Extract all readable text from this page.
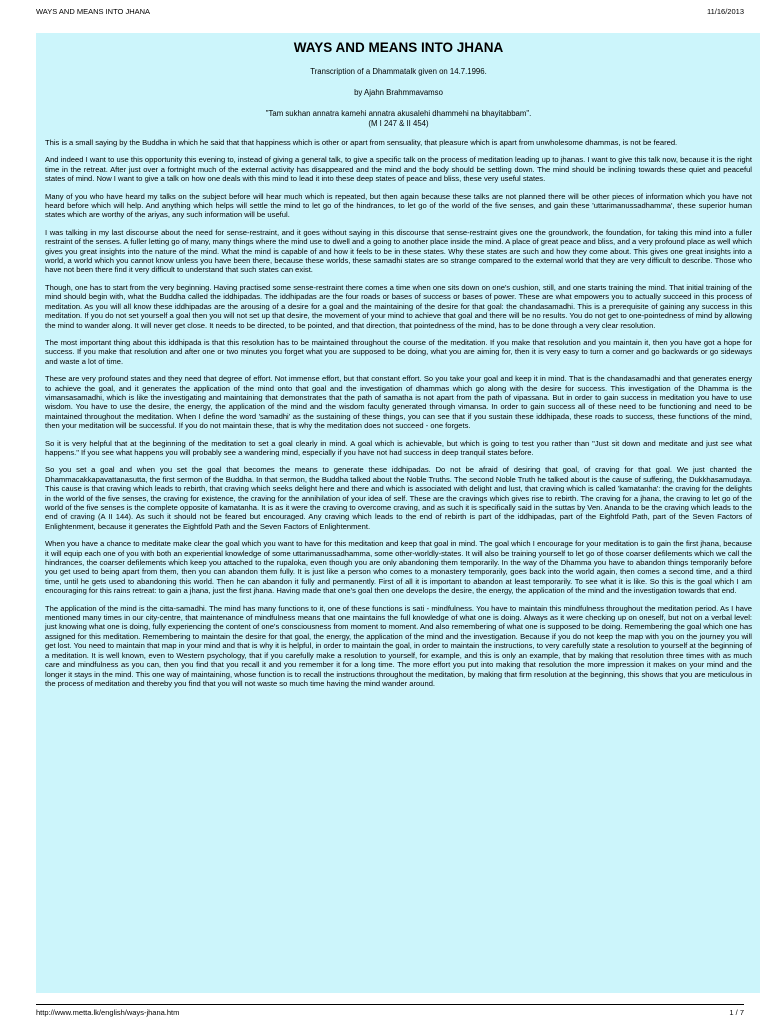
WAYS AND MEANS INTO JHANA	11/16/2013
WAYS AND MEANS INTO JHANA
Transcription of a Dhammatalk given on 14.7.1996.
by Ajahn Brahmmavamso
"Tam sukhan annatra kamehi annatra akusalehi dhammehi na bhayitabbam".
(M I 247 & II 454)

This is a small saying by the Buddha in which he said that that happiness which is other or apart from sensuality, that pleasure which is apart from unwholesome dhammas, is not be feared.

And indeed I want to use this opportunity this evening to, instead of giving a general talk, to give a specific talk on the process of meditation leading up to jhanas. I want to give this talk now, because it is the right time in the retreat. After just over a fortnight much of the external activity has disappeared and the mind and the body should be settling down. The mind should be inclining towards these quiet and peaceful states of mind. Now I want to give a talk on how one deals with this mind to lead it into these deep states of peace and bliss, these very useful states.

Many of you who have heard my talks on the subject before will hear much which is repeated, but then again because these talks are not planned there will be other pieces of information which you have not heard before which will help. And anything which helps will settle the mind to let go of the hindrances, to let go of the world of the five senses, and gain these 'uttarimanussadhamma', these superior human states which are worthy of the ariyas, any such information will be useful.

I was talking in my last discourse about the need for sense-restraint, and it goes without saying in this discourse that sense-restraint gives one the groundwork, the foundation, for taking this mind into a fuller restraint of the senses. A fuller letting go of many, many things where the mind use to dwell and a going to another place inside the mind. A place of great peace and bliss, and a very profound place as well which gives you great insights into the nature of the mind. What the mind is capable of and how it feels to be in these states. Why these states are such and how they come about. This gives one great insights into a world, a world which you cannot know unless you have been there, because these worlds, these samadhi states are so strange compared to the external world that they are very difficult to describe. Those who have not been there find it very difficult to understand that such states can exist.

Though, one has to start from the very beginning. Having practised some sense-restraint there comes a time when one sits down on one's cushion, still, and one starts training the mind. That initial training of the mind should begin with, what the Buddha called the iddhipadas. The iddhipadas are the four roads or bases of success or bases of power. These are what empowers you to actually succeed in this process of meditation. As you will all know these iddhipadas are the arousing of a desire for a goal and the maintaining of the desire for that goal: the chandasamadhi. This is a prerequisite of gaining any success in this meditation. If you do not set yourself a goal then you will not set up that desire, the movement of your mind to achieve that goal and there will be no results. You do not get to one-pointedness of mind by allowing the mind to wander along. It will never get close. It needs to be directed, to be pointed, and that direction, that pointedness of the mind, has to be done through a very clear resolution.

The most important thing about this iddhipada is that this resolution has to be maintained throughout the course of the meditation. If you make that resolution and you maintain it, then you have got a hope for success. If you make that resolution and after one or two minutes you forget what you are supposed to be doing, what you are aiming for, then it is very easy to turn a corner and go backwards or go sideways and waste a lot of time.

These are very profound states and they need that degree of effort. Not immense effort, but that constant effort. So you take your goal and keep it in mind. That is the chandasamadhi and that generates energy to achieve the goal, and it generates the application of the mind onto that goal and the investigation of dhammas which go along with the desire for success. This investigation of the Dhamma is the vimansasamadhi, which is like the investigating and maintaining that demonstrates that the path of samatha is not apart from the path of vipassana. But in order to gain success in meditation you have to use wisdom. You have to use the desire, the energy, the application of the mind and the wisdom faculty generated through vimansa. In order to gain success all of these need to be functioning and need to be maintained throughout the meditation. When I define the word 'samadhi' as the sustaining of these things, you can see that if you sustain these iddhipada, these roads to success, these functions of the mind, then your meditation will be successful. If you do not maintain these, that is why the meditation does not succeed - one forgets.

So it is very helpful that at the beginning of the meditation to set a goal clearly in mind. A goal which is achievable, but which is going to test you rather than "Just sit down and meditate and just see what happens." If you see what happens you will probably see a wandering mind, especially if you have not had success in deep tranquil states before.

So you set a goal and when you set the goal that becomes the means to generate these iddhipadas. Do not be afraid of desiring that goal, of craving for that goal. We just chanted the Dhammacakkapavattanasutta, the first sermon of the Buddha. In that sermon, the Buddha talked about the Noble Truths. The second Noble Truth he talked about is the cause of suffering, the Dukkhasamudaya. This cause is that craving which leads to rebirth, that craving which seeks delight here and there and which is associated with delight and lust, that craving which is called 'kamatanha': the craving for the delights in the world of the five senses, the craving for existence, the craving for the annihilation of your idea of self. These are the cravings which gives rise to rebirth. The craving for a jhana, the craving to let go of the world of the five senses is the complete opposite of kamatanha. It is as it were the craving to overcome craving, and as such it is specifically said in the suttas by Ven. Ananda to be the craving which leads to the end of craving (A II 144). As such it should not be feared but encouraged. Any craving which leads to the end of rebirth is part of the iddhipadas, part of the Eightfold Path, part of the Seven Factors of Enlightenment, because it generates the Eightfold Path and the Seven Factors of Enlightenment.

When you have a chance to meditate make clear the goal which you want to have for this meditation and keep that goal in mind. The goal which I encourage for your meditation is to gain the first jhana, because it will equip each one of you with both an experiential knowledge of some uttarimanussadhamma, some other-worldly-states. It will also be training yourself to let go of those coarser defilements which we call the hindrances, the coarser defilements which keep you attached to the rupaloka, even though you are only abandoning them temporarily. In the way of the Dhamma you have to abandon things temporarily before you get used to being apart from them, then you can abandon them fully. It is just like a person who comes to a monastery temporarily, goes back into the world again, then comes a second time, and a third time, until he gets used to abandoning this world. Then he can abandon it fully and permanently. First of all it is important to abandon at least temporarily. To see what it is like. So this is the goal which I am encouraging for this rains retreat: to gain a jhana, just the first jhana. Having made that one's goal then one develops the desire, the energy, the application of the mind and the investigation towards that end.

The application of the mind is the citta-samadhi. The mind has many functions to it, one of these functions is sati - mindfulness. You have to maintain this mindfulness throughout the meditation period. As I have mentioned many times in our city-centre, that maintenance of mindfulness means that one maintains the full knowledge of what one is doing. Always as it were checking up on oneself, but not on a verbal level: just knowing what one is doing, fully experiencing the content of one's consciousness from moment to moment. And also remembering of what one is supposed to be doing. Remembering the goal which one has assigned for this meditation. Remembering to maintain the desire for that goal, the energy, the application of the mind and the investigation. Because if you do not keep the map with you on the journey you will get lost. You need to maintain that map in your mind and that is why it is helpful, in order to maintain the goal, in order to maintain the instructions, to very carefully state a resolution to yourself at the beginning of a meditation. It is well known, even to Western psychology, that if you carefully make a resolution to yourself, for example, and this is only an example, that by making that resolution three times with as much care and mindfulness as you can, then you find that you recall it and you remember it for a long time. The more effort you put into making that resolution the more impression it makes on your mind and the longer it stays in the mind. This one way of maintaining, whose function is to recall the instructions throughout the meditation, by making that firm resolution at the beginning, this shows that you are meticulous in the process of meditation and thereby you find that you will not waste so much time having the mind wander around.

http://www.metta.lk/english/ways-jhana.htm	1 / 7
